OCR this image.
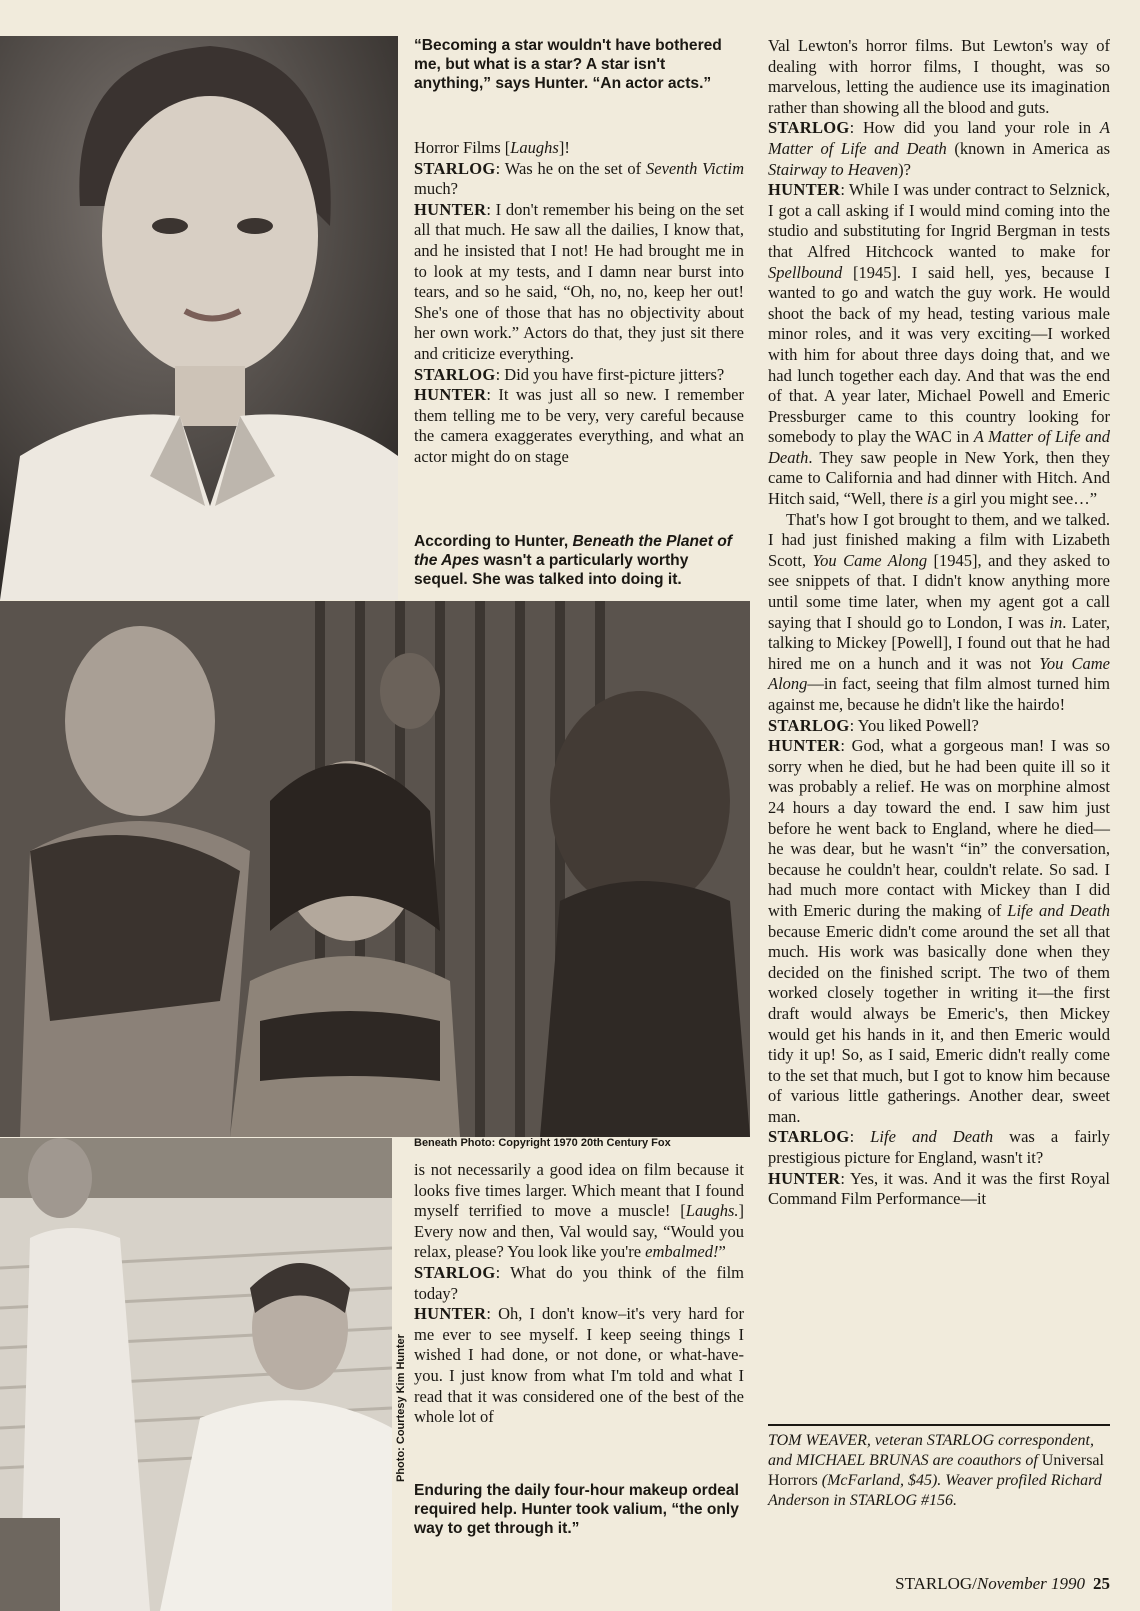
“Becoming a star wouldn't have bothered me, but what is a star? A star isn't anything,” says Hunter. “An actor acts.”
According to Hunter, Beneath the Planet of the Apes wasn't a particularly worthy sequel. She was talked into doing it.
Beneath Photo: Copyright 1970 20th Century Fox
Photo: Courtesy Kim Hunter
Enduring the daily four-hour makeup ordeal required help. Hunter took valium, “the only way to get through it.”

Horror Films [Laughs]!

STARLOG: Was he on the set of Seventh Victim much?

HUNTER: I don't remember his being on the set all that much. He saw all the dailies, I know that, and he insisted that I not! He had brought me in to look at my tests, and I damn near burst into tears, and so he said, “Oh, no, no, keep her out! She's one of those that has no objectivity about her own work.” Actors do that, they just sit there and criticize everything.

STARLOG: Did you have first-picture jitters?

HUNTER: It was just all so new. I remember them telling me to be very, very careful because the camera exaggerates everything, and what an actor might do on stage

is not necessarily a good idea on film because it looks five times larger. Which meant that I found myself terrified to move a muscle! [Laughs.] Every now and then, Val would say, “Would you relax, please? You look like you're embalmed!”

STARLOG: What do you think of the film today?

HUNTER: Oh, I don't know–it's very hard for me ever to see myself. I keep seeing things I wished I had done, or not done, or what-have-you. I just know from what I'm told and what I read that it was considered one of the best of the whole lot of

Val Lewton's horror films. But Lewton's way of dealing with horror films, I thought, was so marvelous, letting the audience use its imagination rather than showing all the blood and guts.

STARLOG: How did you land your role in A Matter of Life and Death (known in America as Stairway to Heaven)?

HUNTER: While I was under contract to Selznick, I got a call asking if I would mind coming into the studio and substituting for Ingrid Bergman in tests that Alfred Hitchcock wanted to make for Spellbound [1945]. I said hell, yes, because I wanted to go and watch the guy work. He would shoot the back of my head, testing various male minor roles, and it was very exciting—I worked with him for about three days doing that, and we had lunch together each day. And that was the end of that. A year later, Michael Powell and Emeric Pressburger came to this country looking for somebody to play the WAC in A Matter of Life and Death. They saw people in New York, then they came to California and had dinner with Hitch. And Hitch said, “Well, there is a girl you might see…”

That's how I got brought to them, and we talked. I had just finished making a film with Lizabeth Scott, You Came Along [1945], and they asked to see snippets of that. I didn't know anything more until some time later, when my agent got a call saying that I should go to London, I was in. Later, talking to Mickey [Powell], I found out that he had hired me on a hunch and it was not You Came Along—in fact, seeing that film almost turned him against me, because he didn't like the hairdo!

STARLOG: You liked Powell?

HUNTER: God, what a gorgeous man! I was so sorry when he died, but he had been quite ill so it was probably a relief. He was on morphine almost 24 hours a day toward the end. I saw him just before he went back to England, where he died—he was dear, but he wasn't “in” the conversation, because he couldn't hear, couldn't relate. So sad. I had much more contact with Mickey than I did with Emeric during the making of Life and Death because Emeric didn't come around the set all that much. His work was basically done when they decided on the finished script. The two of them worked closely together in writing it—the first draft would always be Emeric's, then Mickey would get his hands in it, and then Emeric would tidy it up! So, as I said, Emeric didn't really come to the set that much, but I got to know him because of various little gatherings. Another dear, sweet man.

STARLOG: Life and Death was a fairly prestigious picture for England, wasn't it?

HUNTER: Yes, it was. And it was the first Royal Command Film Performance—it

TOM WEAVER, veteran STARLOG correspondent, and MICHAEL BRUNAS are coauthors of Universal Horrors (McFarland, $45). Weaver profiled Richard Anderson in STARLOG #156.
STARLOG/November 1990 25
